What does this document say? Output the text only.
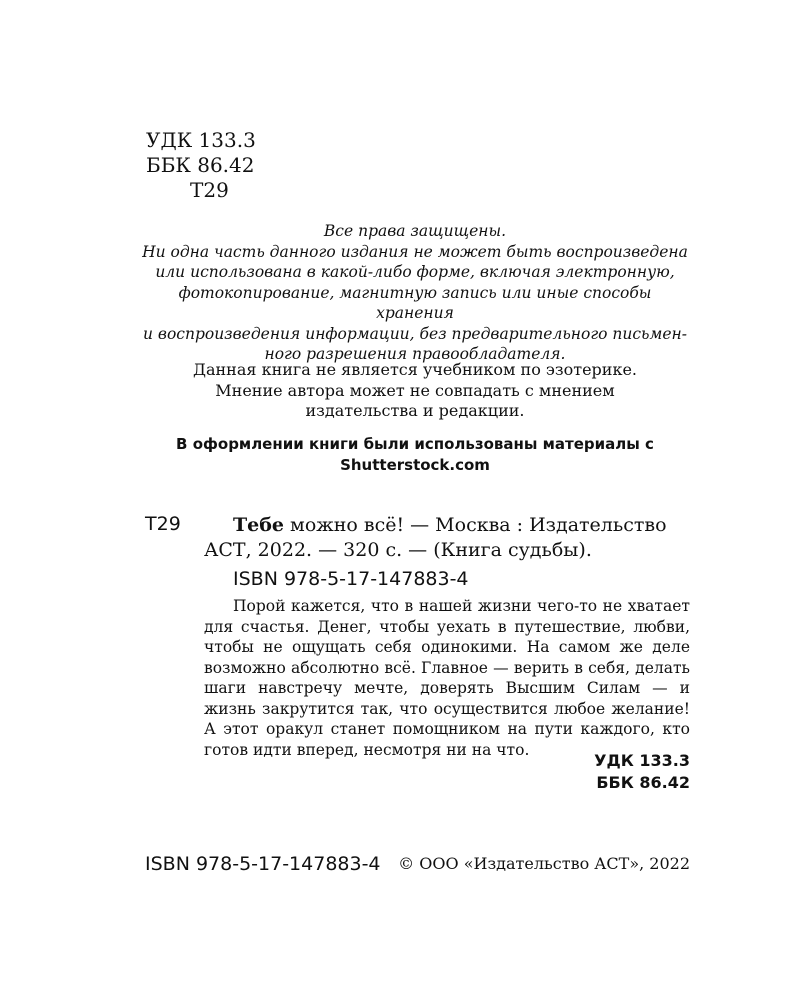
УДК 133.3
ББК 86.42
Т29
Все права защищены.
Ни одна часть данного издания не может быть воспроизведена
или использована в какой-либо форме, включая электронную,
фотокопирование, магнитную запись или иные способы хранения
и воспроизведения информации, без предварительного письмен-
ного разрешения правообладателя.
Данная книга не является учебником по эзотерике.
Мнение автора может не совпадать с мнением
издательства и редакции.
В оформлении книги были использованы материалы с
Shutterstock.com
Т29	Тебе можно всё! — Москва : Издательство
АСТ, 2022. — 320 с. — (Книга судьбы).
ISBN 978-5-17-147883-4
Порой кажется, что в нашей жизни чего-то не хватает для счастья. Денег, чтобы уехать в путешествие, любви, чтобы не ощущать себя одинокими. На самом же деле возможно абсолютно всё. Главное — верить в себя, делать шаги навстречу мечте, доверять Высшим Силам — и жизнь закрутится так, что осуществится любое желание! А этот оракул станет помощником на пути каждого, кто готов идти вперед, несмотря ни на что.
УДК 133.3
ББК 86.42
ISBN 978-5-17-147883-4 © ООО «Издательство АСТ», 2022
